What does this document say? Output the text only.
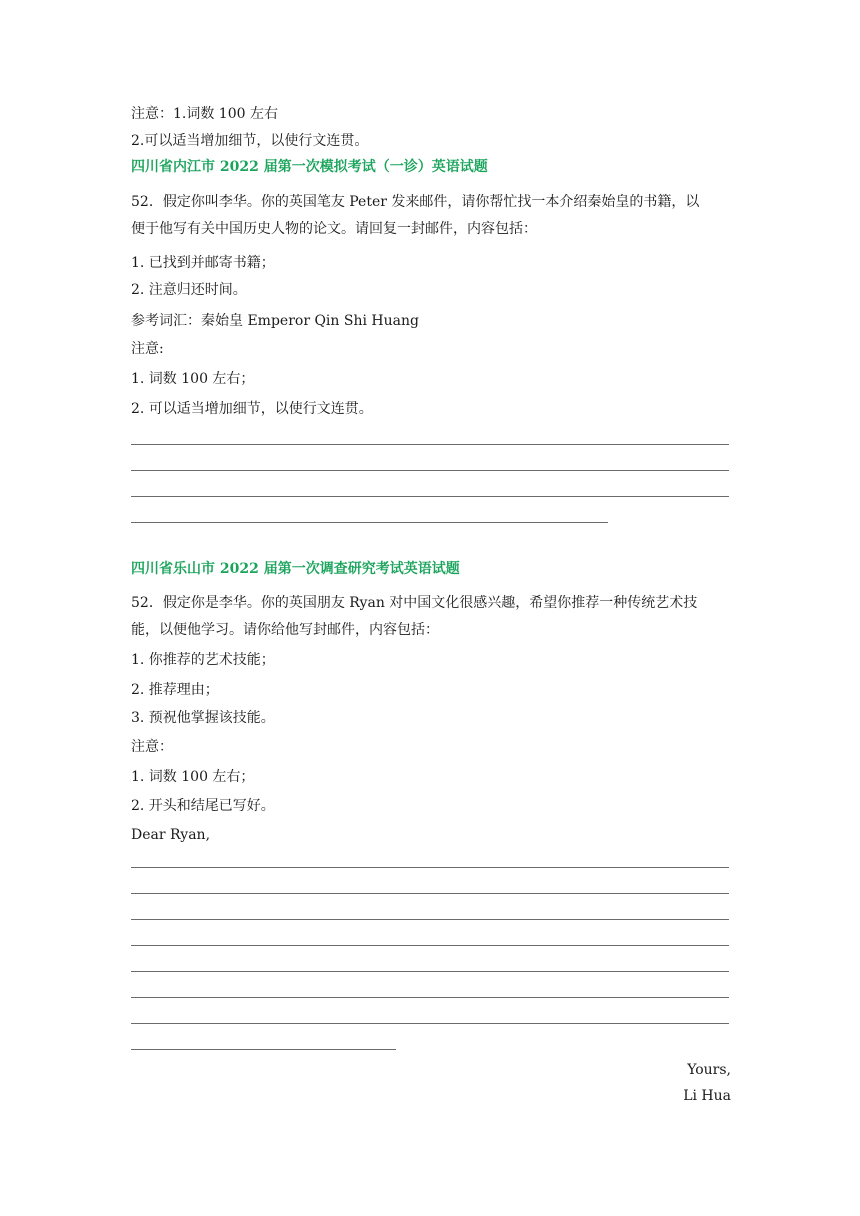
注意：1.词数 100 左右
2.可以适当增加细节，以使行文连贯。
四川省内江市 2022 届第一次模拟考试（一诊）英语试题
52．假定你叫李华。你的英国笔友 Peter 发来邮件，请你帮忙找一本介绍秦始皇的书籍，以
便于他写有关中国历史人物的论文。请回复一封邮件，内容包括：
1. 已找到并邮寄书籍；
2. 注意归还时间。
参考词汇：秦始皇 Emperor Qin Shi Huang
注意:
1. 词数 100 左右；
2. 可以适当增加细节，以使行文连贯。
四川省乐山市 2022 届第一次调查研究考试英语试题
52．假定你是李华。你的英国朋友 Ryan 对中国文化很感兴趣，希望你推荐一种传统艺术技
能，以便他学习。请你给他写封邮件，内容包括：
1. 你推荐的艺术技能；
2. 推荐理由；
3. 预祝他掌握该技能。
注意：
1. 词数 100 左右；
2. 开头和结尾已写好。
Dear Ryan,
Yours,
Li Hua
